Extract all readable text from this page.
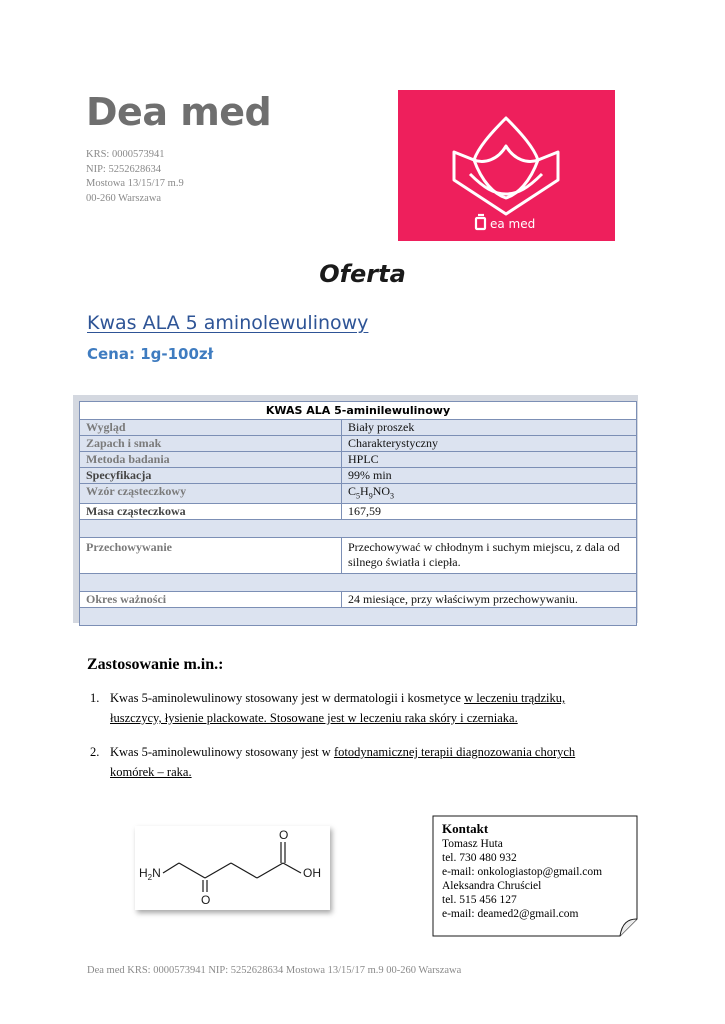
Dea med
KRS: 0000573941
NIP: 5252628634
Mostowa 13/15/17 m.9
00-260 Warszawa
ea med
Oferta
Kwas ALA 5 aminolewulinowy
Cena: 1g-100zł
KWAS ALA 5-aminilewulinowy	
Wygląd	Biały proszek
Zapach i smak	Charakterystyczny
Metoda badania	HPLC
Specyfikacja	99% min
Wzór cząsteczkowy	$C_5H_9NO_3$
Masa cząsteczkowa	167,59

Przechowywanie	Przechowywać w chłodnym i suchym miejscu, z dala od silnego światła i ciepła.

Okres ważności	24 miesiące, przy właściwym przechowywaniu.

Zastosowanie m.in.:
1. Kwas 5-aminolewulinowy stosowany jest w dermatologii i kosmetyce w leczeniu trądziku,
łuszczycy, łysienie plackowate. Stosowane jest w leczeniu raka skóry i czerniaka.
2. Kwas 5-aminolewulinowy stosowany jest w fotodynamicznej terapii diagnozowania chorych
komórek – raka.
$H_2N$
O
O
OH
Kontakt
Tomasz Huta
tel. 730 480 932
e-mail: onkologiastop@gmail.com
Aleksandra Chruściel
tel. 515 456 127
e-mail: deamed2@gmail.com
Dea med KRS: 0000573941 NIP: 5252628634 Mostowa 13/15/17 m.9 00-260 Warszawa
